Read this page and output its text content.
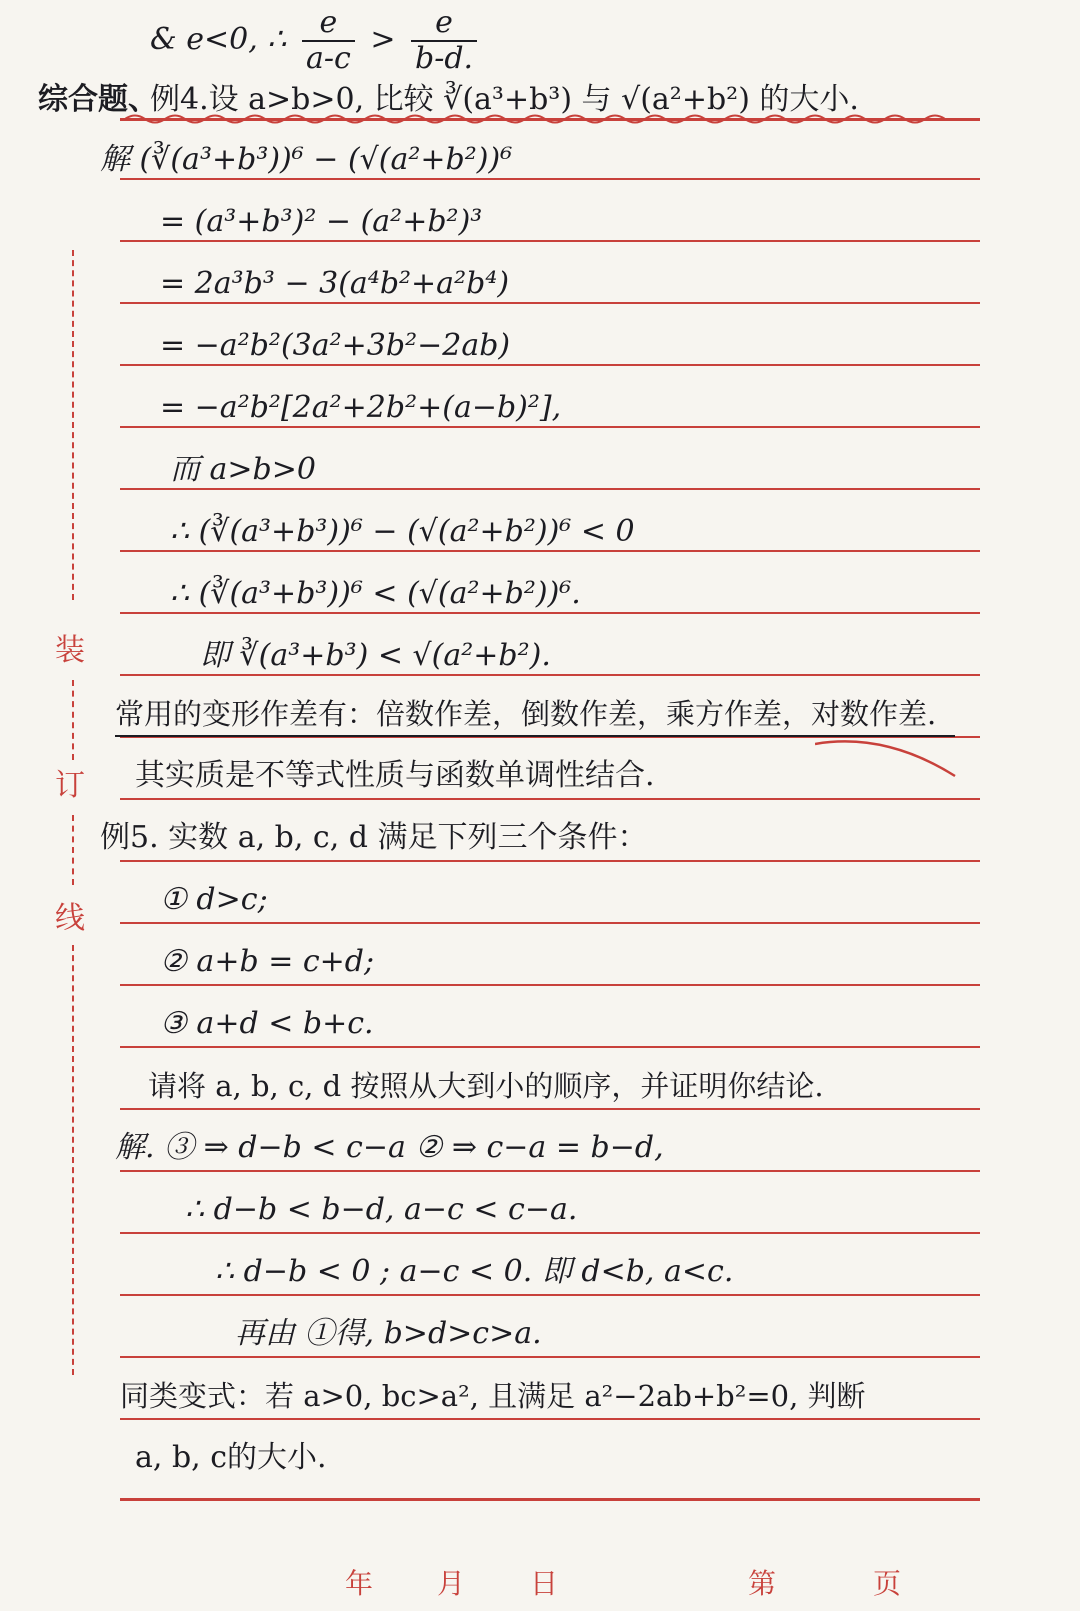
装
订
线
& e<0, ∴ $\frac{e}{a-c} > \frac{e}{b-d.}$
综合题、
例4.设 a>b>0, 比较 ∛(a³+b³) 与 √(a²+b²) 的大小.
解 (∛(a³+b³))⁶ − (√(a²+b²))⁶
= (a³+b³)² − (a²+b²)³
= 2a³b³ − 3(a⁴b²+a²b⁴)
= −a²b²(3a²+3b²−2ab)
= −a²b²[2a²+2b²+(a−b)²],
而 a>b>0
∴ (∛(a³+b³))⁶ − (√(a²+b²))⁶ < 0
∴ (∛(a³+b³))⁶ < (√(a²+b²))⁶.
即 ∛(a³+b³) < √(a²+b²).
常用的变形作差有：倍数作差，倒数作差，乘方作差，对数作差.
其实质是不等式性质与函数单调性结合.
例5. 实数 a, b, c, d 满足下列三个条件：
① d>c;
② a+b = c+d;
③ a+d < b+c.
请将 a, b, c, d 按照从大到小的顺序，并证明你结论.
解. ③ ⇒ d−b < c−a ② ⇒ c−a = b−d,
∴ d−b < b−d, a−c < c−a.
∴ d−b < 0 ; a−c < 0. 即 d<b, a<c.
再由 ①得, b>d>c>a.
同类变式：若 a>0, bc>a², 且满足 a²−2ab+b²=0, 判断
a, b, c的大小.
年 月 日	第	页
